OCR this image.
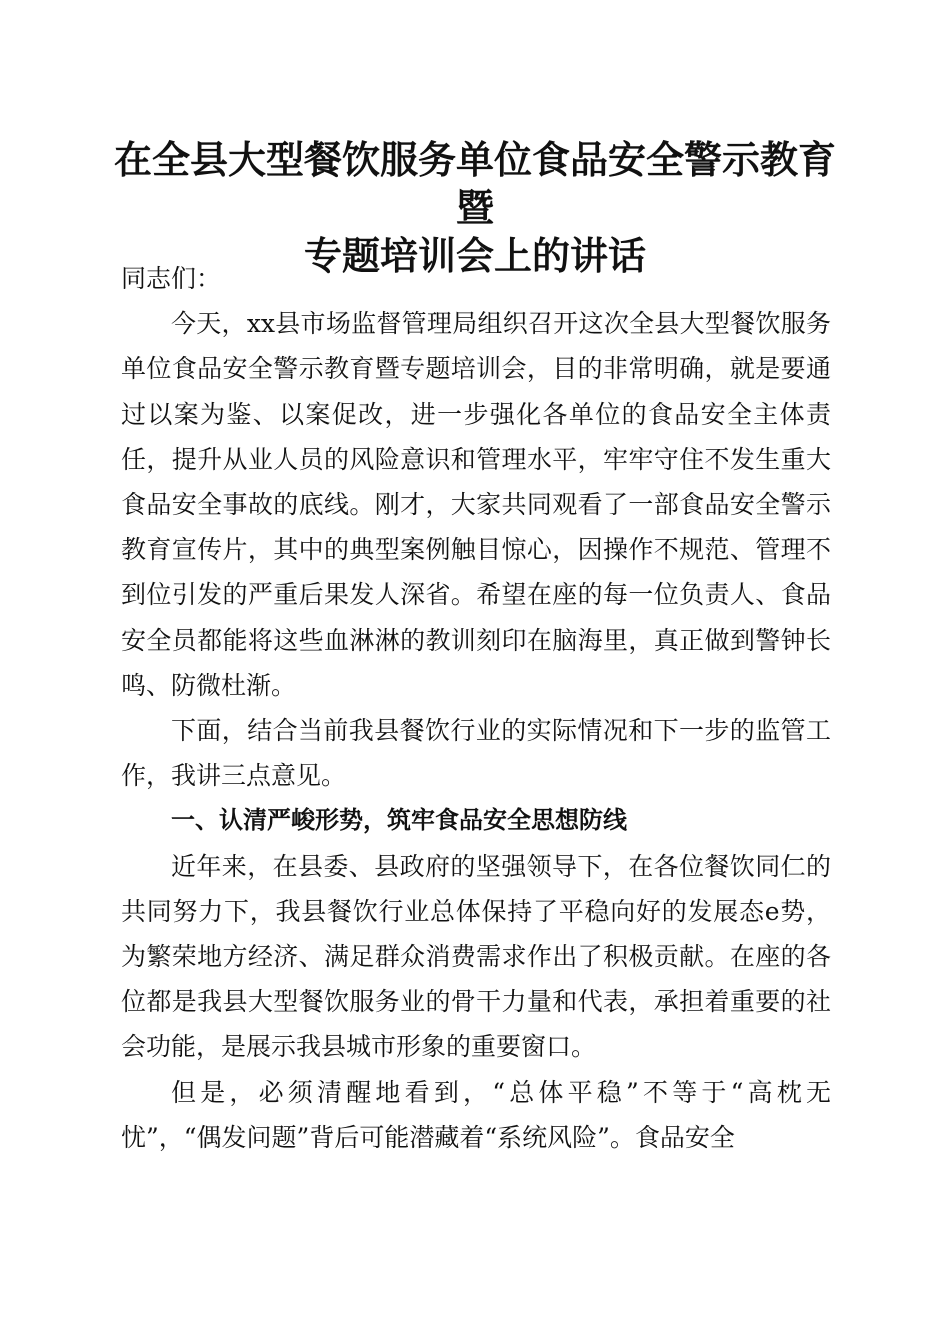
在全县大型餐饮服务单位食品安全警示教育暨
专题培训会上的讲话

同志们：

今天，xx县市场监督管理局组织召开这次全县大型餐饮服务单位食品安全警示教育暨专题培训会，目的非常明确，就是要通过以案为鉴、以案促改，进一步强化各单位的食品安全主体责任，提升从业人员的风险意识和管理水平，牢牢守住不发生重大食品安全事故的底线。刚才，大家共同观看了一部食品安全警示教育宣传片，其中的典型案例触目惊心，因操作不规范、管理不到位引发的严重后果发人深省。希望在座的每一位负责人、食品安全员都能将这些血淋淋的教训刻印在脑海里，真正做到警钟长鸣、防微杜渐。

下面，结合当前我县餐饮行业的实际情况和下一步的监管工作，我讲三点意见。

一、认清严峻形势，筑牢食品安全思想防线

近年来，在县委、县政府的坚强领导下，在各位餐饮同仁的共同努力下，我县餐饮行业总体保持了平稳向好的发展态e势，为繁荣地方经济、满足群众消费需求作出了积极贡献。在座的各位都是我县大型餐饮服务业的骨干力量和代表，承担着重要的社会功能，是展示我县城市形象的重要窗口。

但是，必须清醒地看到，“总体平稳”不等于“高枕无忧”，“偶发问题”背后可能潜藏着“系统风险”。食品安全
